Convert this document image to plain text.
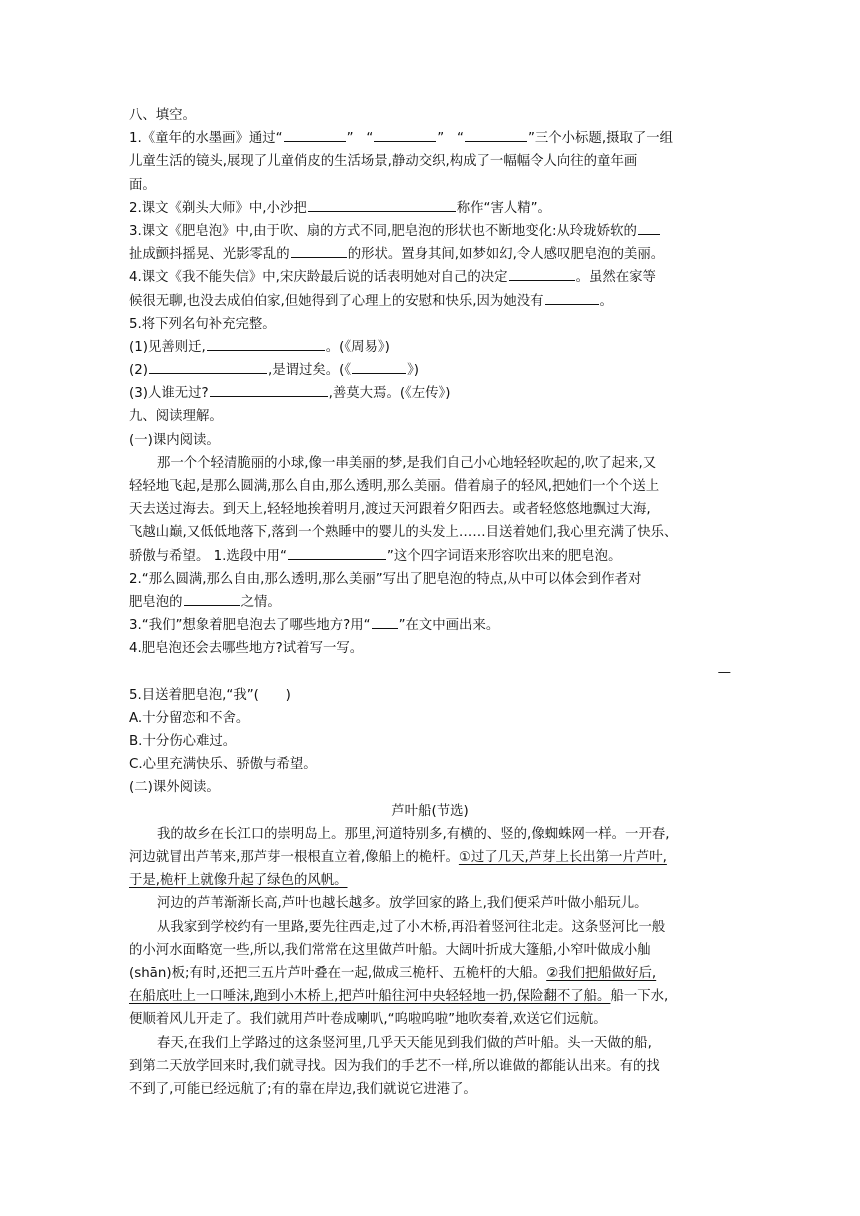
八、填空。
1.《童年的水墨画》通过“	” “	” “	”三个小标题,摄取了一组
儿童生活的镜头,展现了儿童俏皮的生活场景,静动交织,构成了一幅幅令人向往的童年画
面。
2.课文《剃头大师》中,小沙把	称作“害人精”。
3.课文《肥皂泡》中,由于吹、扇的方式不同,肥皂泡的形状也不断地变化:从玲珑娇软的
扯成颤抖摇晃、光影零乱的	的形状。置身其间,如梦如幻,令人感叹肥皂泡的美丽。
4.课文《我不能失信》中,宋庆龄最后说的话表明她对自己的决定	。虽然在家等
候很无聊,也没去成伯伯家,但她得到了心理上的安慰和快乐,因为她没有	。
5.将下列名句补充完整。
(1)见善则迁,	。(《周易》)
(2)	,是谓过矣。(《	》)
(3)人谁无过?	,善莫大焉。(《左传》)
九、阅读理解。
(一)课内阅读。
那一个个轻清脆丽的小球,像一串美丽的梦,是我们自己小心地轻轻吹起的,吹了起来,又
轻轻地飞起,是那么圆满,那么自由,那么透明,那么美丽。借着扇子的轻风,把她们一个个送上
天去送过海去。到天上,轻轻地挨着明月,渡过天河跟着夕阳西去。或者轻悠悠地飘过大海,
飞越山巅,又低低地落下,落到一个熟睡中的婴儿的头发上……目送着她们,我心里充满了快乐、
骄傲与希望。 1.选段中用“	”这个四字词语来形容吹出来的肥皂泡。
2.“那么圆满,那么自由,那么透明,那么美丽”写出了肥皂泡的特点,从中可以体会到作者对
肥皂泡的	之情。
3.“我们”想象着肥皂泡去了哪些地方?用“ ”在文中画出来。
4.肥皂泡还会去哪些地方?试着写一写。
—
5.目送着肥皂泡,“我”(　　)
A.十分留恋和不舍。
B.十分伤心难过。
C.心里充满快乐、骄傲与希望。
(二)课外阅读。
芦叶船(节选)
我的故乡在长江口的崇明岛上。那里,河道特别多,有横的、竖的,像蜘蛛网一样。一开春,
河边就冒出芦苇来,那芦芽一根根直立着,像船上的桅杆。①过了几天,芦芽上长出第一片芦叶,
于是,桅杆上就像升起了绿色的风帆。
河边的芦苇渐渐长高,芦叶也越长越多。放学回家的路上,我们便采芦叶做小船玩儿。
从我家到学校约有一里路,要先往西走,过了小木桥,再沿着竖河往北走。这条竖河比一般
的小河水面略宽一些,所以,我们常常在这里做芦叶船。大阔叶折成大篷船,小窄叶做成小舢
(shān)板;有时,还把三五片芦叶叠在一起,做成三桅杆、五桅杆的大船。②我们把船做好后,
在船底吐上一口唾沫,跑到小木桥上,把芦叶船往河中央轻轻地一扔,保险翻不了船。船一下水,
便顺着风儿开走了。我们就用芦叶卷成喇叭,“呜啦呜啦”地吹奏着,欢送它们远航。
春天,在我们上学路过的这条竖河里,几乎天天能见到我们做的芦叶船。头一天做的船,
到第二天放学回来时,我们就寻找。因为我们的手艺不一样,所以谁做的都能认出来。有的找
不到了,可能已经远航了;有的靠在岸边,我们就说它进港了。
